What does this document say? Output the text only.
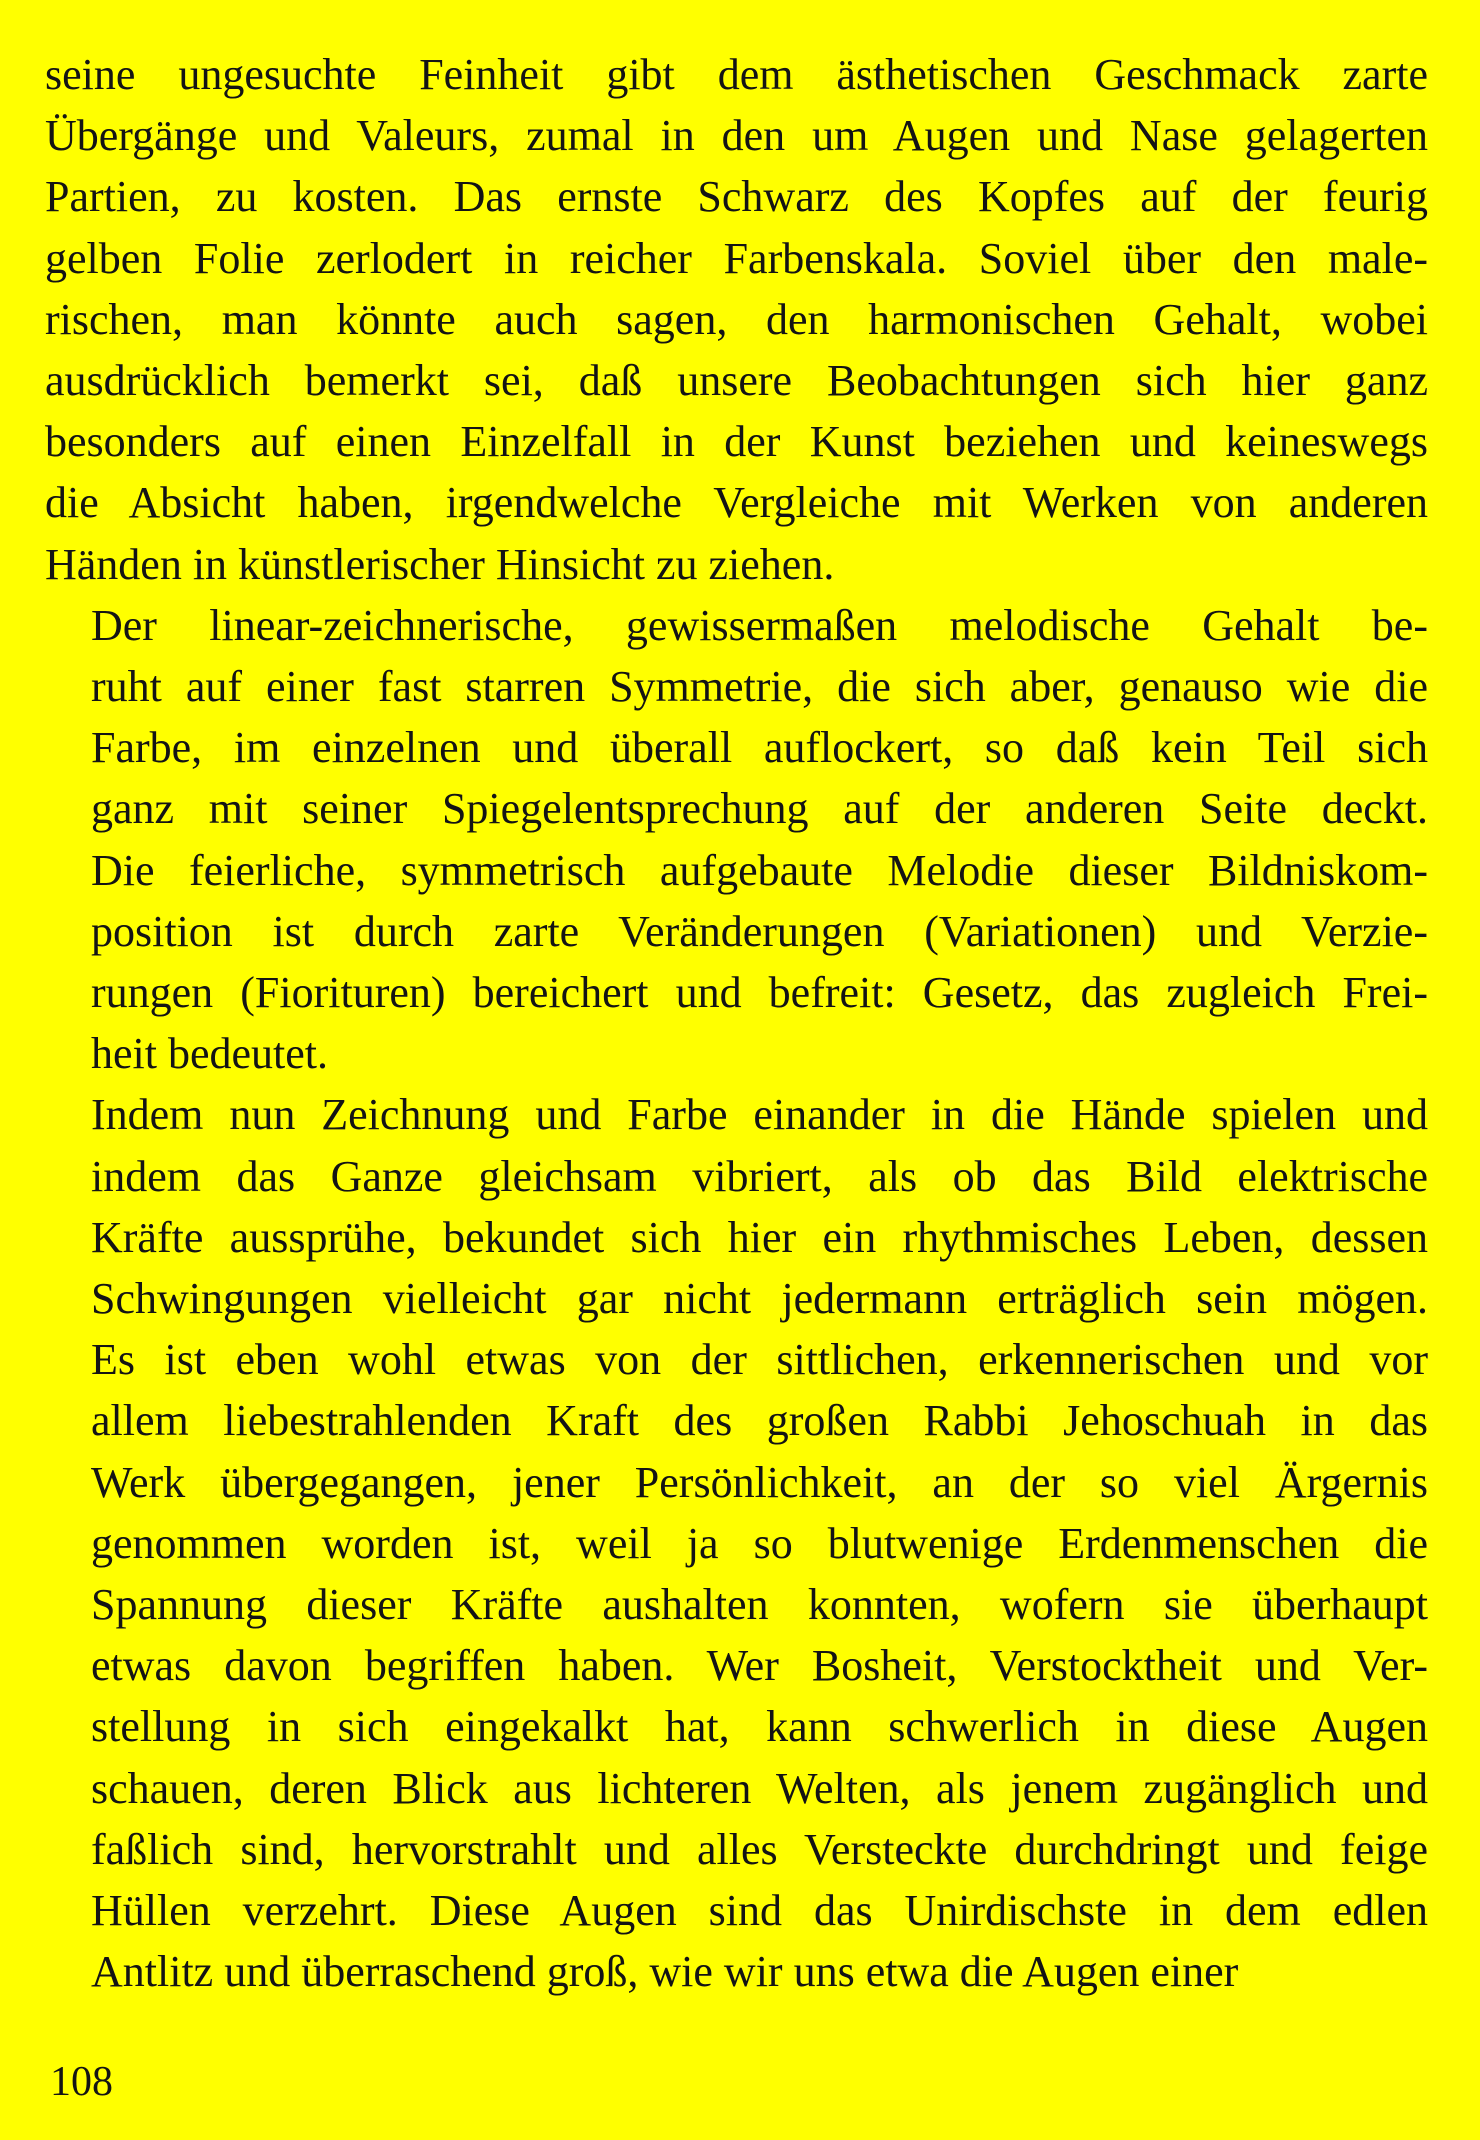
seine ungesuchte Feinheit gibt dem ästhetischen Geschmack zarte
Übergänge und Valeurs, zumal in den um Augen und Nase gelagerten
Partien, zu kosten. Das ernste Schwarz des Kopfes auf der feurig
gelben Folie zerlodert in reicher Farbenskala. Soviel über den male-
rischen, man könnte auch sagen, den harmonischen Gehalt, wobei
ausdrücklich bemerkt sei, daß unsere Beobachtungen sich hier ganz
besonders auf einen Einzelfall in der Kunst beziehen und keineswegs
die Absicht haben, irgendwelche Vergleiche mit Werken von anderen
Händen in künstlerischer Hinsicht zu ziehen.
Der linear-zeichnerische, gewissermaßen melodische Gehalt be-
ruht auf einer fast starren Symmetrie, die sich aber, genauso wie die
Farbe, im einzelnen und überall auflockert, so daß kein Teil sich
ganz mit seiner Spiegelentsprechung auf der anderen Seite deckt.
Die feierliche, symmetrisch aufgebaute Melodie dieser Bildniskom-
position ist durch zarte Veränderungen (Variationen) und Verzie-
rungen (Fiorituren) bereichert und befreit: Gesetz, das zugleich Frei-
heit bedeutet.
Indem nun Zeichnung und Farbe einander in die Hände spielen und
indem das Ganze gleichsam vibriert, als ob das Bild elektrische
Kräfte aussprühe, bekundet sich hier ein rhythmisches Leben, dessen
Schwingungen vielleicht gar nicht jedermann erträglich sein mögen.
Es ist eben wohl etwas von der sittlichen, erkennerischen und vor
allem liebestrahlenden Kraft des großen Rabbi Jehoschuah in das
Werk übergegangen, jener Persönlichkeit, an der so viel Ärgernis
genommen worden ist, weil ja so blutwenige Erdenmenschen die
Spannung dieser Kräfte aushalten konnten, wofern sie überhaupt
etwas davon begriffen haben. Wer Bosheit, Verstocktheit und Ver-
stellung in sich eingekalkt hat, kann schwerlich in diese Augen
schauen, deren Blick aus lichteren Welten, als jenem zugänglich und
faßlich sind, hervorstrahlt und alles Versteckte durchdringt und feige
Hüllen verzehrt. Diese Augen sind das Unirdischste in dem edlen
Antlitz und überraschend groß, wie wir uns etwa die Augen einer
108
